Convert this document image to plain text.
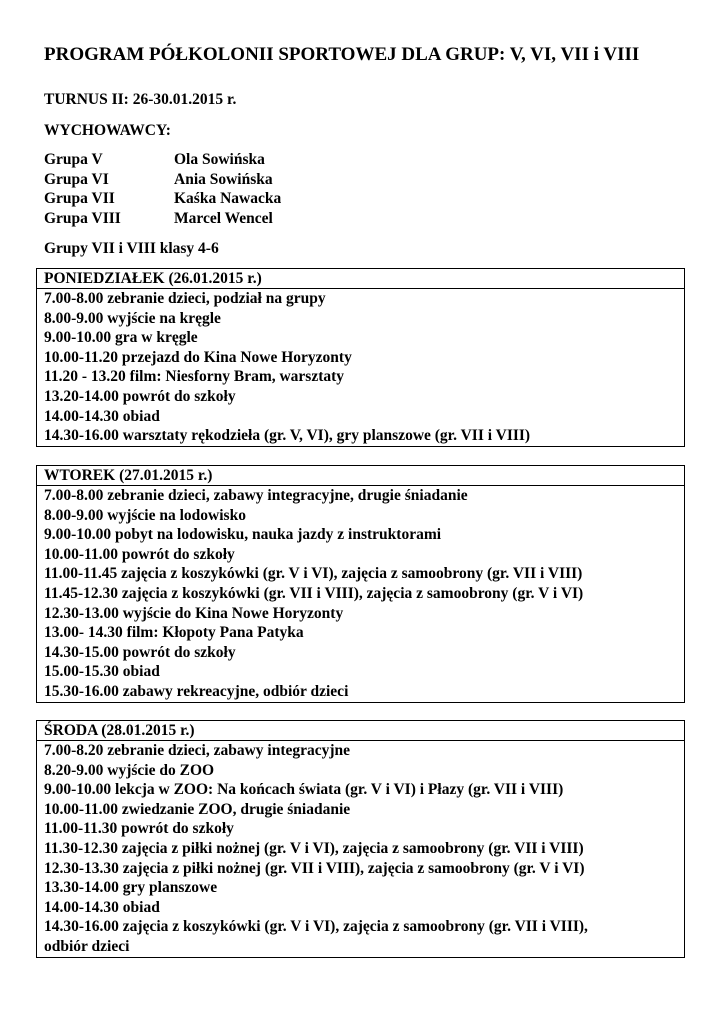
PROGRAM PÓŁKOLONII SPORTOWEJ DLA GRUP: V, VI, VII i VIII
TURNUS II: 26-30.01.2015 r.
WYCHOWAWCY:
Grupa V	Ola Sowińska
Grupa VI	Ania Sowińska
Grupa VII	Kaśka Nawacka
Grupa VIII	Marcel Wencel
Grupy VII i VIII klasy 4-6
PONIEDZIAŁEK (26.01.2015 r.)
7.00-8.00 zebranie dzieci, podział na grupy
8.00-9.00 wyjście na kręgle
9.00-10.00 gra w kręgle
10.00-11.20 przejazd do Kina Nowe Horyzonty
11.20 - 13.20 film: Niesforny Bram, warsztaty
13.20-14.00 powrót do szkoły
14.00-14.30 obiad
14.30-16.00 warsztaty rękodzieła (gr. V, VI), gry planszowe (gr. VII i VIII)
WTOREK (27.01.2015 r.)
7.00-8.00 zebranie dzieci, zabawy integracyjne, drugie śniadanie
8.00-9.00 wyjście na lodowisko
9.00-10.00 pobyt na lodowisku, nauka jazdy z instruktorami
10.00-11.00 powrót do szkoły
11.00-11.45 zajęcia z koszykówki (gr. V i VI), zajęcia z samoobrony (gr. VII i VIII)
11.45-12.30 zajęcia z koszykówki (gr. VII i VIII), zajęcia z samoobrony (gr. V i VI)
12.30-13.00 wyjście do Kina Nowe Horyzonty
13.00- 14.30 film: Kłopoty Pana Patyka
14.30-15.00 powrót do szkoły
15.00-15.30 obiad
15.30-16.00 zabawy rekreacyjne, odbiór dzieci
ŚRODA (28.01.2015 r.)
7.00-8.20 zebranie dzieci, zabawy integracyjne
8.20-9.00 wyjście do ZOO
9.00-10.00 lekcja w ZOO: Na końcach świata (gr. V i VI) i Płazy (gr. VII i VIII)
10.00-11.00 zwiedzanie ZOO, drugie śniadanie
11.00-11.30 powrót do szkoły
11.30-12.30 zajęcia z piłki nożnej (gr. V i VI), zajęcia z samoobrony (gr. VII i VIII)
12.30-13.30 zajęcia z piłki nożnej (gr. VII i VIII), zajęcia z samoobrony (gr. V i VI)
13.30-14.00 gry planszowe
14.00-14.30 obiad
14.30-16.00 zajęcia z koszykówki (gr. V i VI), zajęcia z samoobrony (gr. VII i VIII),
odbiór dzieci
